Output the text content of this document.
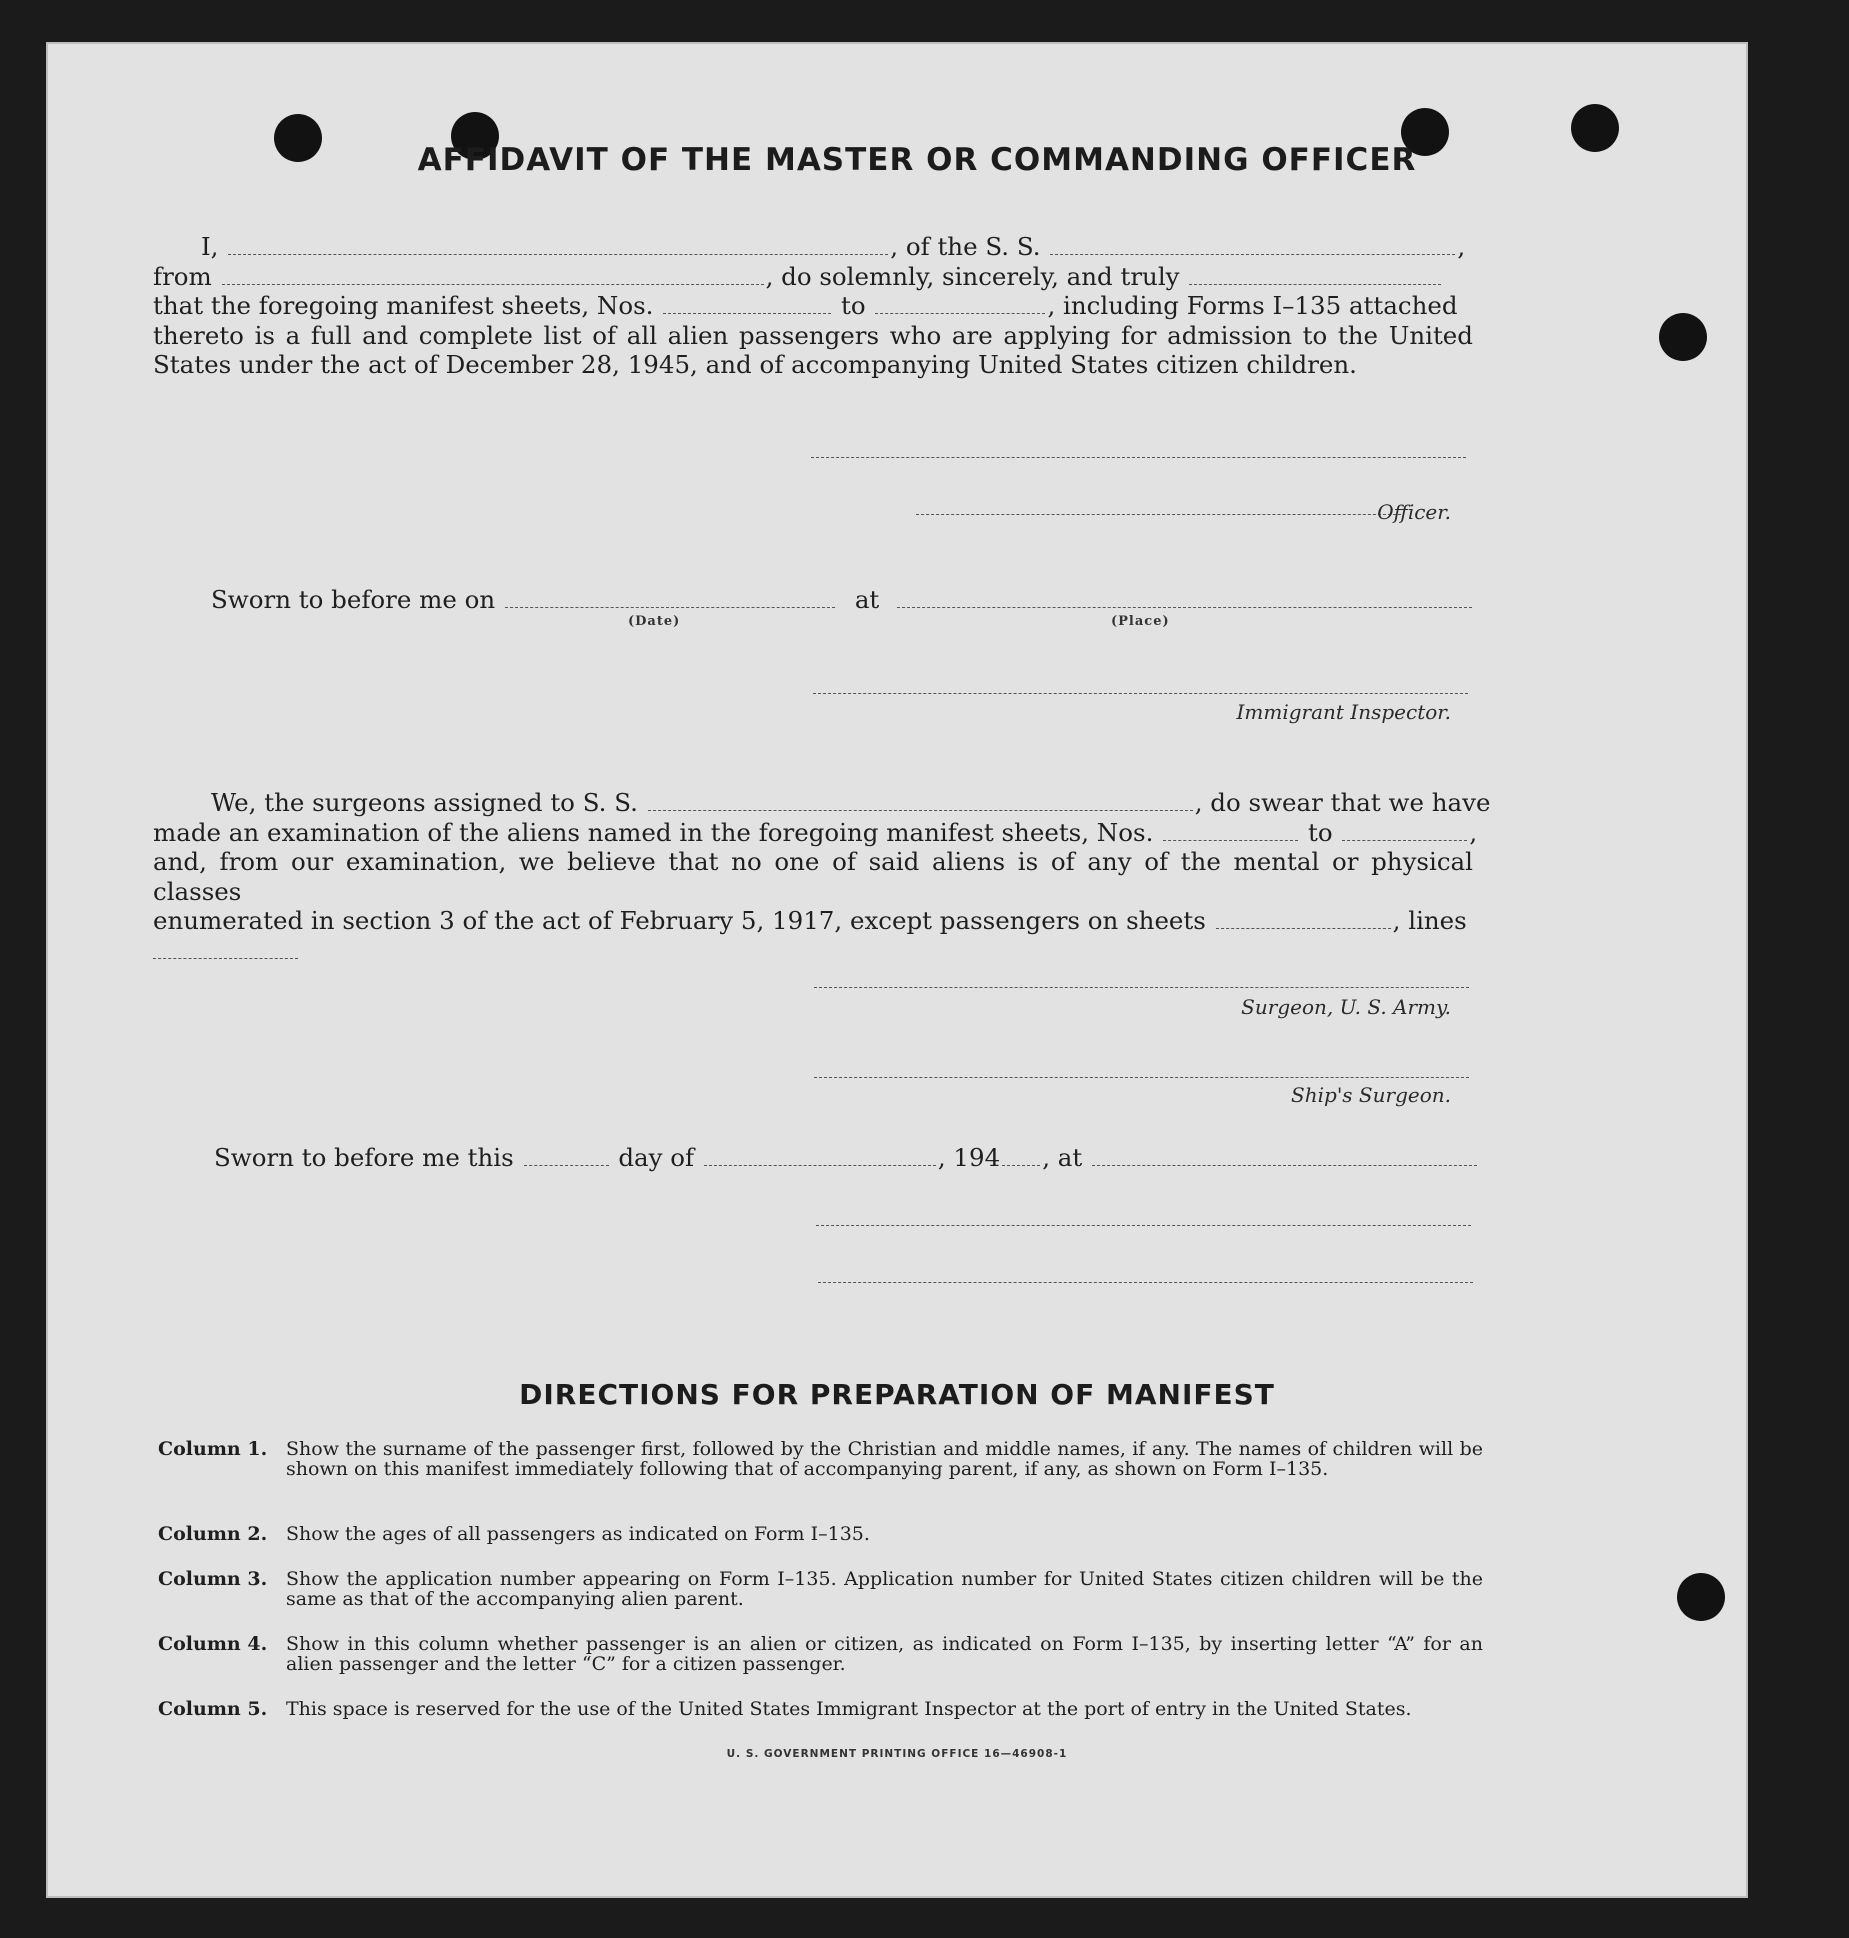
AFFIDAVIT OF THE MASTER OR COMMANDING OFFICER
I,	, of the S. S.	,
from	, do solemnly, sincerely, and truly
that the foregoing manifest sheets, Nos.	to	, including Forms I–135 attached
thereto is a full and complete list of all alien passengers who are applying for admission to the United States under the act of December 28, 1945, and of accompanying United States citizen children.
Officer.
Sworn to before me on	at
(Date)	(Place)
Immigrant Inspector.
We, the surgeons assigned to S. S.	, do swear that we have
made an examination of the aliens named in the foregoing manifest sheets, Nos.	to	,
and, from our examination, we believe that no one of said aliens is of any of the mental or physical classes
enumerated in section 3 of the act of February 5, 1917, except passengers on sheets	, lines
Surgeon, U. S. Army.
Ship's Surgeon.
Sworn to before me this	day of	, 194 , at
DIRECTIONS FOR PREPARATION OF MANIFEST
Column 1. Show the surname of the passenger first, followed by the Christian and middle names, if any. The names of children will be shown on this manifest immediately following that of accompanying parent, if any, as shown on Form I–135.
Column 2. Show the ages of all passengers as indicated on Form I–135.
Column 3. Show the application number appearing on Form I–135. Application number for United States citizen children will be the same as that of the accompanying alien parent.
Column 4. Show in this column whether passenger is an alien or citizen, as indicated on Form I–135, by inserting letter “A” for an alien passenger and the letter “C” for a citizen passenger.
Column 5. This space is reserved for the use of the United States Immigrant Inspector at the port of entry in the United States.
U. S. GOVERNMENT PRINTING OFFICE 16—46908-1
